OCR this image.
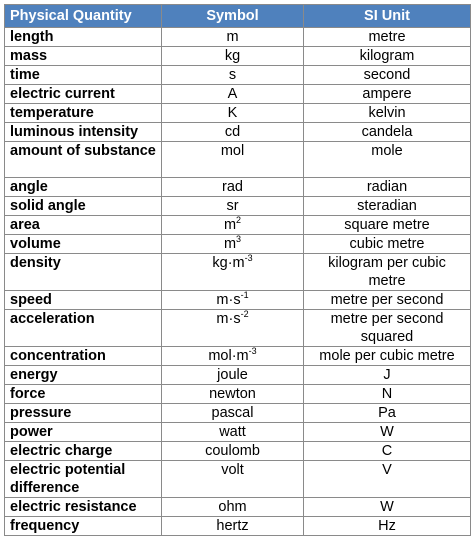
Physical Quantity	Symbol	SI Unit
length	m	metre
mass	kg	kilogram
time	s	second
electric current	A	ampere
temperature	K	kelvin
luminous intensity	cd	candela
amount of substance	mol	mole
angle	rad	radian
solid angle	sr	steradian
area	$m^2$	square metre
volume	$m^3$	cubic metre
density	$kg\cdot m^{-3}$	kilogram per cubic metre
speed	$m\cdot s^{-1}$	metre per second
acceleration	$m\cdot s^{-2}$	metre per second squared
concentration	$mol\cdot m^{-3}$	mole per cubic metre
energy	joule	J
force	newton	N
pressure	pascal	Pa
power	watt	W
electric charge	coulomb	C
electric potential difference	volt	V
electric resistance	ohm	W
frequency	hertz	Hz
